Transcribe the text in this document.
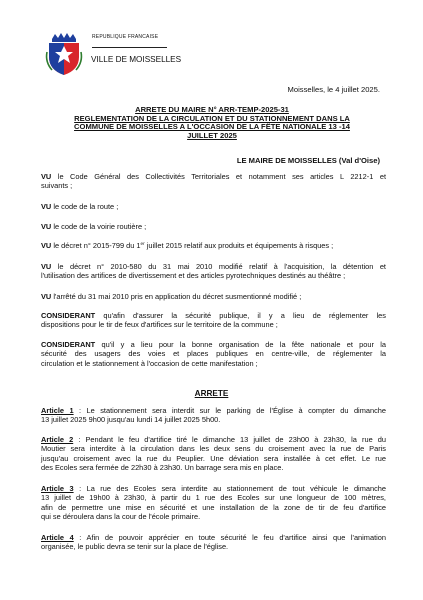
REPUBLIQUE FRANCAISE
VILLE DE MOISSELLES
Moisselles, le 4 juillet 2025.
ARRETE DU MAIRE N° ARR-TEMP-2025-31
REGLEMENTATION DE LA CIRCULATION ET DU STATIONNEMENT DANS LA
COMMUNE DE MOISSELLES A L'OCCASION DE LA FÊTE NATIONALE 13 -14
JUILLET 2025
LE MAIRE DE MOISSELLES (Val d'Oise)
VU le Code Général des Collectivités Territoriales et notamment ses articles L 2212-1 et
suivants ;
VU le code de la route ;
VU le code de la voirie routière ;
VU le décret n° 2015-799 du 1er juillet 2015 relatif aux produits et équipements à risques ;
VU le décret n° 2010-580 du 31 mai 2010 modifié relatif à l'acquisition, la détention et
l'utilisation des artifices de divertissement et des articles pyrotechniques destinés au théâtre ;
VU l'arrêté du 31 mai 2010 pris en application du décret susmentionné modifié ;
CONSIDERANT qu'afin d'assurer la sécurité publique, il y a lieu de réglementer les
dispositions pour le tir de feux d'artifices sur le territoire de la commune ;
CONSIDERANT qu'il y a lieu pour la bonne organisation de la fête nationale et pour la
sécurité des usagers des voies et places publiques en centre-ville, de réglementer la
circulation et le stationnement à l'occasion de cette manifestation ;
ARRETE
Article 1 : Le stationnement sera interdit sur le parking de l'Église à compter du dimanche
13 juillet 2025 9h00 jusqu'au lundi 14 juillet 2025 5h00.
Article 2 : Pendant le feu d'artifice tiré le dimanche 13 juillet de 23h00 à 23h30, la rue du
Moutier sera interdite à la circulation dans les deux sens du croisement avec la rue de Paris
jusqu'au croisement avec la rue du Peuplier. Une déviation sera installée à cet effet. Le rue
des Ecoles sera fermée de 22h30 à 23h30. Un barrage sera mis en place.
Article 3 : La rue des Ecoles sera interdite au stationnement de tout véhicule le dimanche
13 juillet de 19h00 à 23h30, à partir du 1 rue des Ecoles sur une longueur de 100 mètres,
afin de permettre une mise en sécurité et une installation de la zone de tir de feu d'artifice
qui se déroulera dans la cour de l'école primaire.
Article 4 : Afin de pouvoir apprécier en toute sécurité le feu d'artifice ainsi que l'animation
organisée, le public devra se tenir sur la place de l'église.
